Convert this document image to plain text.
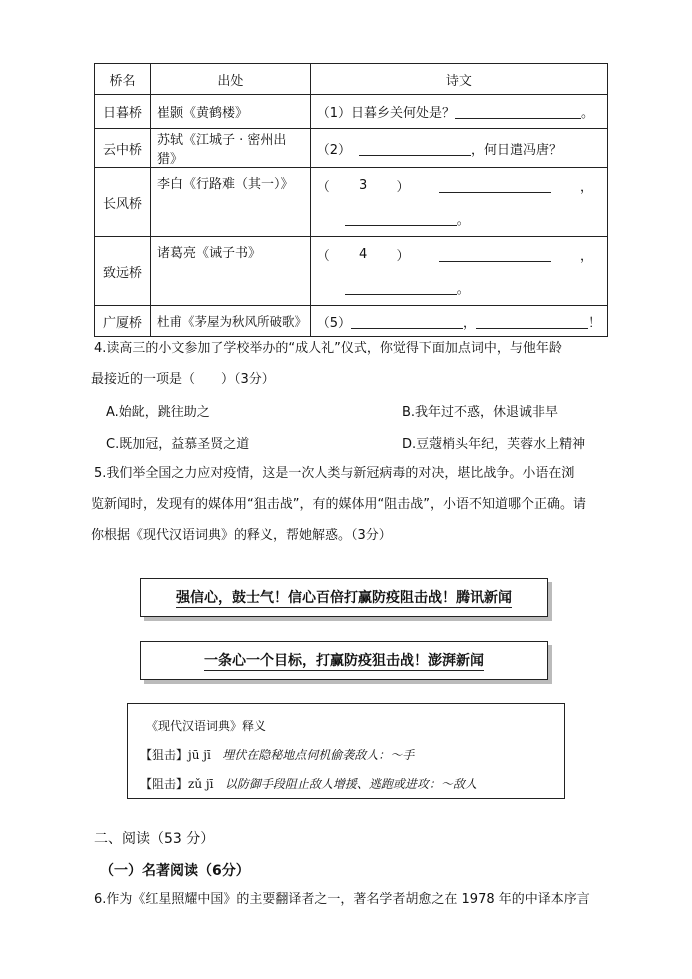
桥名	出处	诗文
日暮桥	崔颢《黄鹤楼》	（1）日暮乡关何处是？ 。

云中桥	苏轼《江城子 · 密州出猎》	（2） ，何日遣冯唐？

长风桥	李白《行路难（其一）》	（ 3 ） ，
。

致远桥	诸葛亮《诫子书》	（ 4 ） ，
。

广厦桥	杜甫《茅屋为秋风所破歌》	（5） ， ！
4.读高三的小文参加了学校举办的“成人礼”仪式，你觉得下面加点词中，与他年龄
最接近的一项是（　　）（3分）
A.始龀，跳往助之	B.我年过不惑，休退诚非早
C.既加冠，益慕圣贤之道	D.豆蔻梢头年纪，芙蓉水上精神
5.我们举全国之力应对疫情，这是一次人类与新冠病毒的对决，堪比战争。小语在浏
览新闻时，发现有的媒体用“狙击战”，有的媒体用“阻击战”，小语不知道哪个正确。请
你根据《现代汉语词典》的释义，帮她解惑。（3分）
强信心，鼓士气！信心百倍打赢防疫阻击战！腾讯新闻
一条心一个目标，打赢防疫狙击战！澎湃新闻
《现代汉语词典》释义
【狙击】jū jī 埋伏在隐秘地点伺机偷袭敌人：～手
【阻击】zǔ jī 以防御手段阻止敌人增援、逃跑或进攻：～敌人
二、阅读（53 分）
（一）名著阅读（6分）
6.作为《红星照耀中国》的主要翻译者之一，著名学者胡愈之在 1978 年的中译本序言
